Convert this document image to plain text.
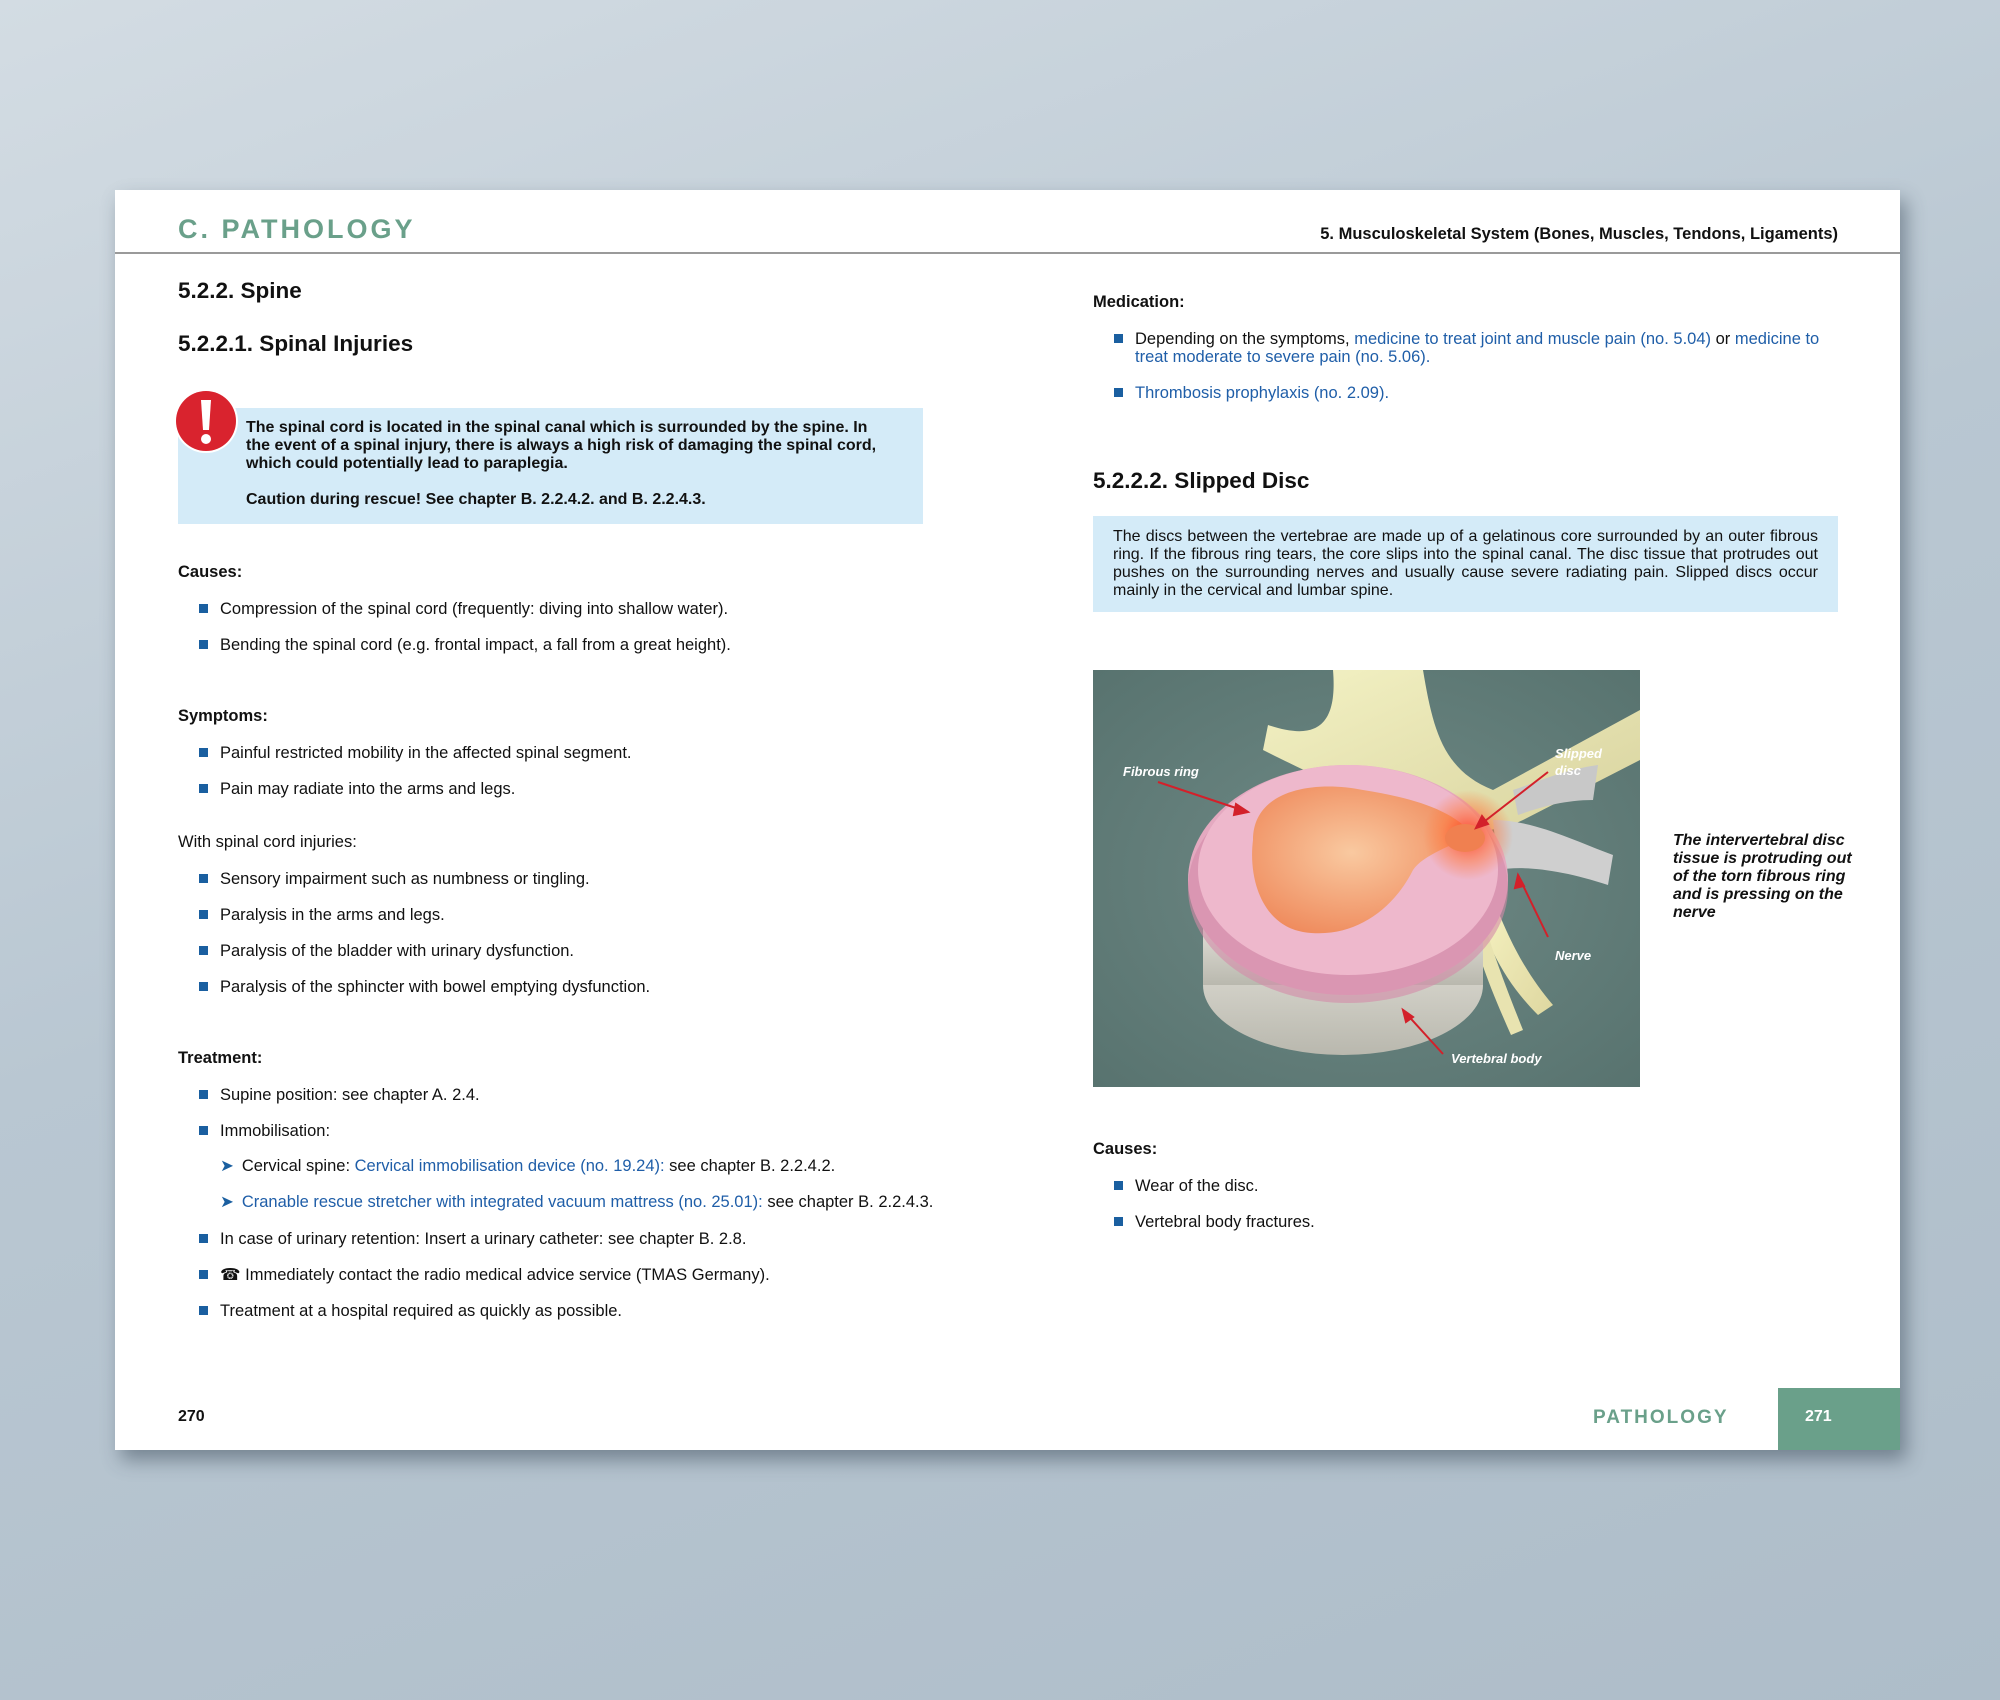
C. PATHOLOGY	5. Musculoskeletal System (Bones, Muscles, Tendons, Ligaments)
5.2.2. Spine
5.2.2.1. Spinal Injuries
The spinal cord is located in the spinal canal which is surrounded by the spine. In the event of a spinal injury, there is always a high risk of damaging the spinal cord, which could potentially lead to paraplegia.
Caution during rescue! See chapter B. 2.2.4.2. and B. 2.2.4.3.
Causes:
Compression of the spinal cord (frequently: diving into shallow water).
Bending the spinal cord (e.g. frontal impact, a fall from a great height).
Symptoms:
Painful restricted mobility in the affected spinal segment.
Pain may radiate into the arms and legs.
With spinal cord injuries:
Sensory impairment such as numbness or tingling.
Paralysis in the arms and legs.
Paralysis of the bladder with urinary dysfunction.
Paralysis of the sphincter with bowel emptying dysfunction.
Treatment:
Supine position: see chapter A. 2.4.
Immobilisation:
➤ Cervical spine: Cervical immobilisation device (no. 19.24): see chapter B. 2.2.4.2.
➤ Cranable rescue stretcher with integrated vacuum mattress (no. 25.01): see chapter B. 2.2.4.3.
In case of urinary retention: Insert a urinary catheter: see chapter B. 2.8.
☎ Immediately contact the radio medical advice service (TMAS Germany).
Treatment at a hospital required as quickly as possible.
270
Medication:
Depending on the symptoms, medicine to treat joint and muscle pain (no. 5.04) or medicine to
treat moderate to severe pain (no. 5.06).
Thrombosis prophylaxis (no. 2.09).
5.2.2.2. Slipped Disc
The discs between the vertebrae are made up of a gelatinous core surrounded by an outer fibrous ring. If the fibrous ring tears, the core slips into the spinal canal. The disc tissue that protrudes out pushes on the surrounding nerves and usually cause severe radiating pain. Slipped discs occur mainly in the cervical and lumbar spine.
Fibrous ring
Slipped
disc
Nerve
Vertebral body
The intervertebral disc tissue is protruding out of the torn fibrous ring and is pressing on the nerve
Causes:
Wear of the disc.
Vertebral body fractures.
PATHOLOGY	271
